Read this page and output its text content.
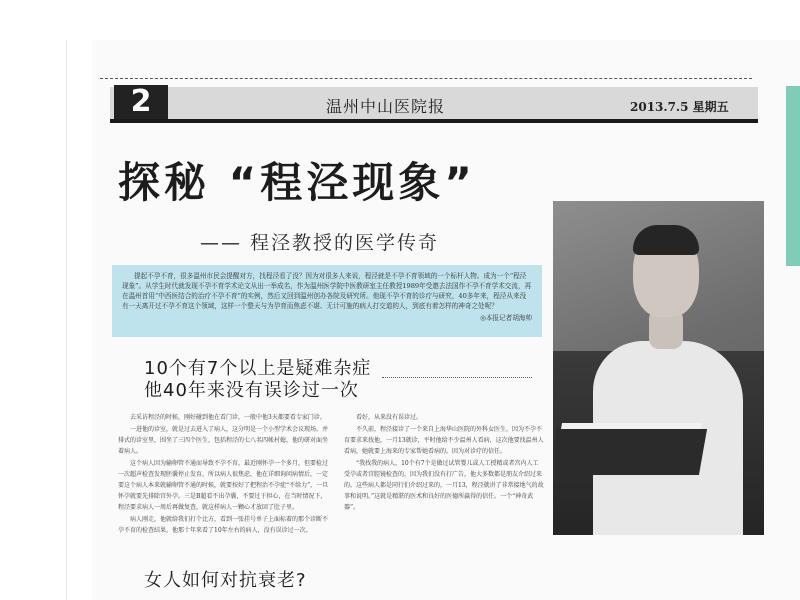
2	温州中山医院报	2013.7.5 星期五
探秘 “程泾现象”
—— 程泾教授的医学传奇

提起不孕不育，很多温州市民会提醒对方，找程泾看了没？因为对很多人来说，程泾就是不孕不育领域的一个标杆人物。成为一个“程泾现象”。从学生时代就发现不孕不育学术论文从出一举成名，作为温州医学院中医教研室主任教授1989年受邀去法国作不孕不育学术交流，再在温州首用“中西医结合的治疗不孕不育”的实例，然后又回到温州创办各院及研究所。他现不孕不育的诊疗与研究，40多年来，程泾从来没有一天离开过不孕不育这个领域，这样一个整天与为孕育而焦虑不堪、无计可施的病人打交道的人，到底有着怎样的神奇之处呢？

◎本报记者胡海帅
10个有7个以上是疑难杂症
他40年来没有误诊过一次

去采访程泾的时候，刚好碰到他在看门诊，一般中他3天都要看专家门诊。

一进他的诊室，就是过去进入了病人，这分明是一个小型学术会议现场。并排式的诊室里，围坐了三四个医生，包括程泾的七八名四帐村媳，他的研对面坐着病人。

这个病人因为输卵管不通而导致不孕不育，最近刚怀孕一个多月，但要检过一次超声检查发现胚囊停止发育，所以病人很焦虑，他在详细询问病情后，一定要这个病人本来就输卵管不通的时候，就要按好了把程治不孕症“不给力”，一旦怀孕就要先排除宫外孕。三是B超看不出孕囊，不要过于担心，在当时情况下，程泾要求病人一周后再做复查，就这样病人一颗心才放回了肚子里。

病人刚走，他就给我们打个比方，看到一张挂号单子上面标着的那个诊断不孕不育的检查结果，他那十年来看了10年左右的病人，没有误诊过一次。

看好，从来没有误诊过。

不久前，程泾接诊了一个来自上海华山医院的外科女医生，因为不孕不育要求来找他，一月13就诊，平时他给不少温州人看病，这次他要找温州人看病，她就要上海来的专家帮她看病的。因为对诊疗的信任。

“我找我的病人，10个有7个是做过试管婴儿或人工授精或者宫内人工受孕或者宫腔镜检查的，因为我们没有打广告，他大多数都是朋友介绍过来的。这些病人都是同行们介绍过来的，一月13，程泾就讲了非常接地气的故事和说明。”这就是精湛的医术和良好的医德所赢得的信任。一个“神奇武器”。

女人如何对抗衰老?
